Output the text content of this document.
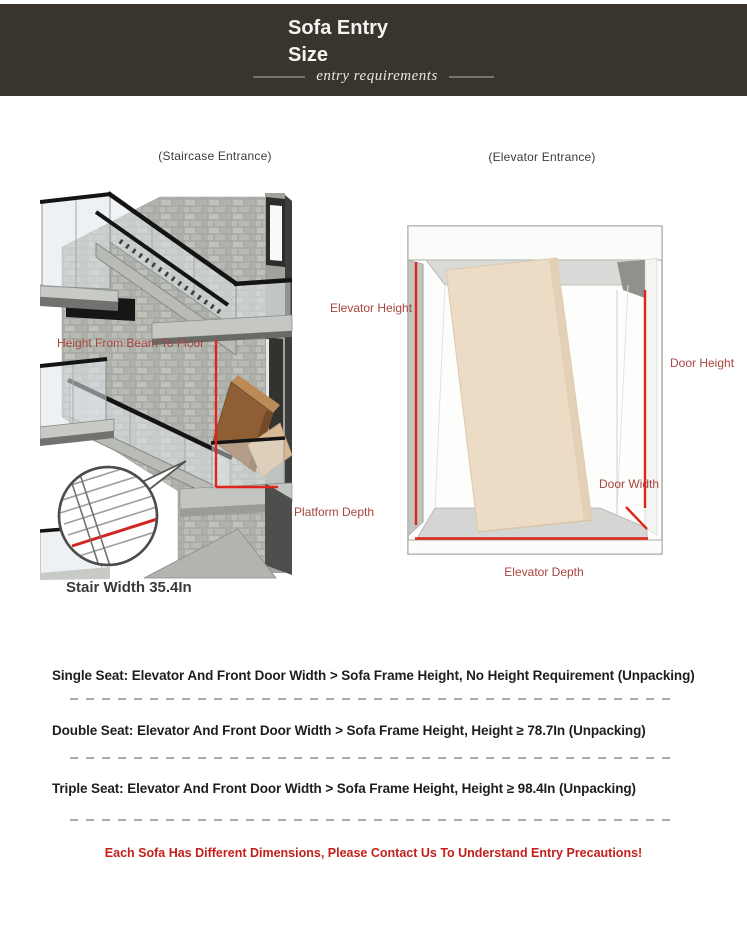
Sofa Entry Size
entry requirements
(Staircase Entrance)	(Elevator Entrance)
Height From Beam To Floor
Platform Depth
Stair Width 35.4In
Elevator Height
Door Height
Door Width
Elevator Depth
Single Seat: Elevator And Front Door Width > Sofa Frame Height, No Height Requirement (Unpacking)
Double Seat: Elevator And Front Door Width > Sofa Frame Height, Height ≥ 78.7In (Unpacking)
Triple Seat: Elevator And Front Door Width > Sofa Frame Height, Height ≥ 98.4In (Unpacking)
Each Sofa Has Different Dimensions, Please Contact Us To Understand Entry Precautions!
